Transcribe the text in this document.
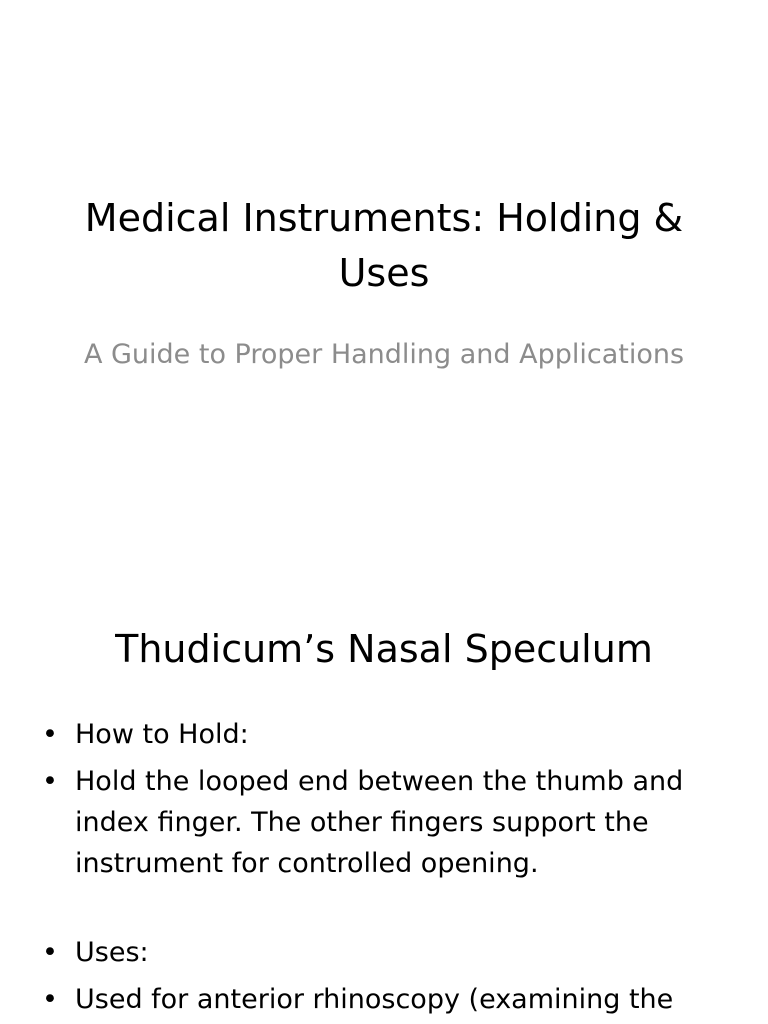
Medical Instruments: Holding & Uses

A Guide to Proper Handling and Applications

Thudicum’s Nasal Speculum
• How to Hold:
• Hold the looped end between the thumb and index finger. The other fingers support the instrument for controlled opening.
• Uses:
• Used for anterior rhinoscopy (examining the
